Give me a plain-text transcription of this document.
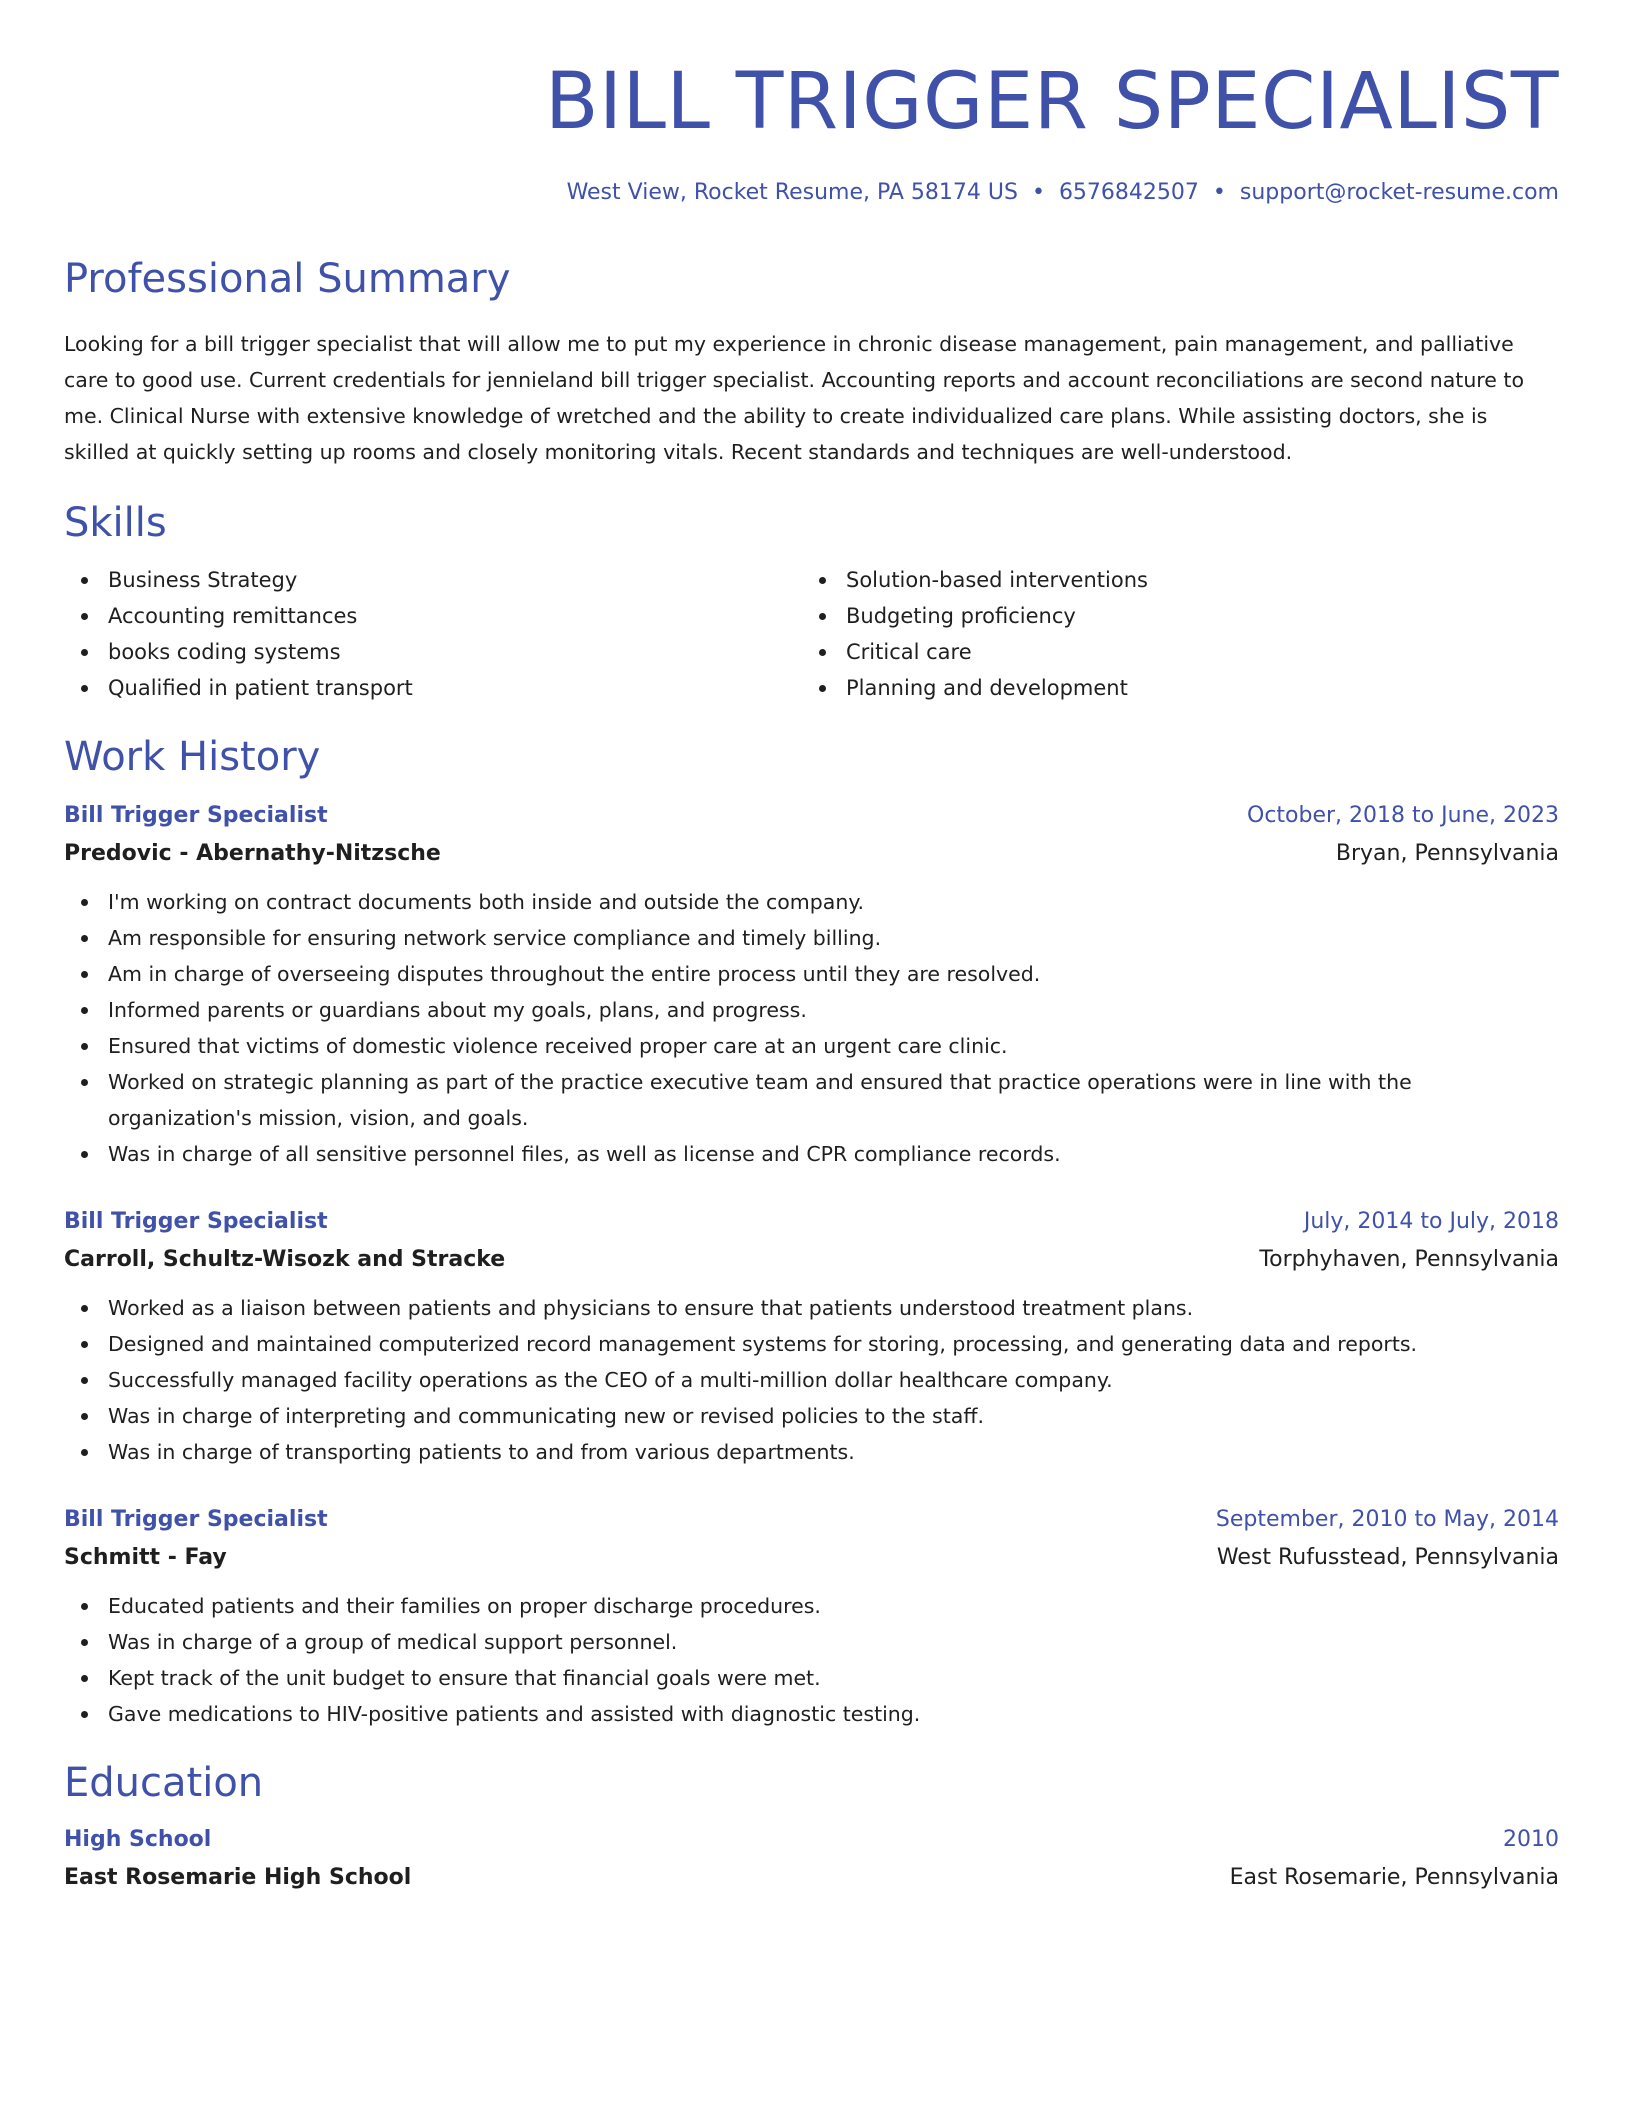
BILL TRIGGER SPECIALIST
West View, Rocket Resume, PA 58174 US • 6576842507 • support@rocket-resume.com
Professional Summary

Looking for a bill trigger specialist that will allow me to put my experience in chronic disease management, pain management, and palliative care to good use. Current credentials for jennieland bill trigger specialist. Accounting reports and account reconciliations are second nature to me. Clinical Nurse with extensive knowledge of wretched and the ability to create individualized care plans. While assisting doctors, she is skilled at quickly setting up rooms and closely monitoring vitals. Recent standards and techniques are well-understood.

Skills
Business Strategy
Accounting remittances
books coding systems
Qualified in patient transport
Solution-based interventions
Budgeting proficiency
Critical care
Planning and development
Work History
Bill Trigger Specialist	October, 2018 to June, 2023
Predovic - Abernathy-Nitzsche	Bryan, Pennsylvania
I'm working on contract documents both inside and outside the company.
Am responsible for ensuring network service compliance and timely billing.
Am in charge of overseeing disputes throughout the entire process until they are resolved.
Informed parents or guardians about my goals, plans, and progress.
Ensured that victims of domestic violence received proper care at an urgent care clinic.
Worked on strategic planning as part of the practice executive team and ensured that practice operations were in line with the organization's mission, vision, and goals.
Was in charge of all sensitive personnel files, as well as license and CPR compliance records.
Bill Trigger Specialist	July, 2014 to July, 2018
Carroll, Schultz-Wisozk and Stracke	Torphyhaven, Pennsylvania
Worked as a liaison between patients and physicians to ensure that patients understood treatment plans.
Designed and maintained computerized record management systems for storing, processing, and generating data and reports.
Successfully managed facility operations as the CEO of a multi-million dollar healthcare company.
Was in charge of interpreting and communicating new or revised policies to the staff.
Was in charge of transporting patients to and from various departments.
Bill Trigger Specialist	September, 2010 to May, 2014
Schmitt - Fay	West Rufusstead, Pennsylvania
Educated patients and their families on proper discharge procedures.
Was in charge of a group of medical support personnel.
Kept track of the unit budget to ensure that financial goals were met.
Gave medications to HIV-positive patients and assisted with diagnostic testing.
Education
High School	2010
East Rosemarie High School	East Rosemarie, Pennsylvania
